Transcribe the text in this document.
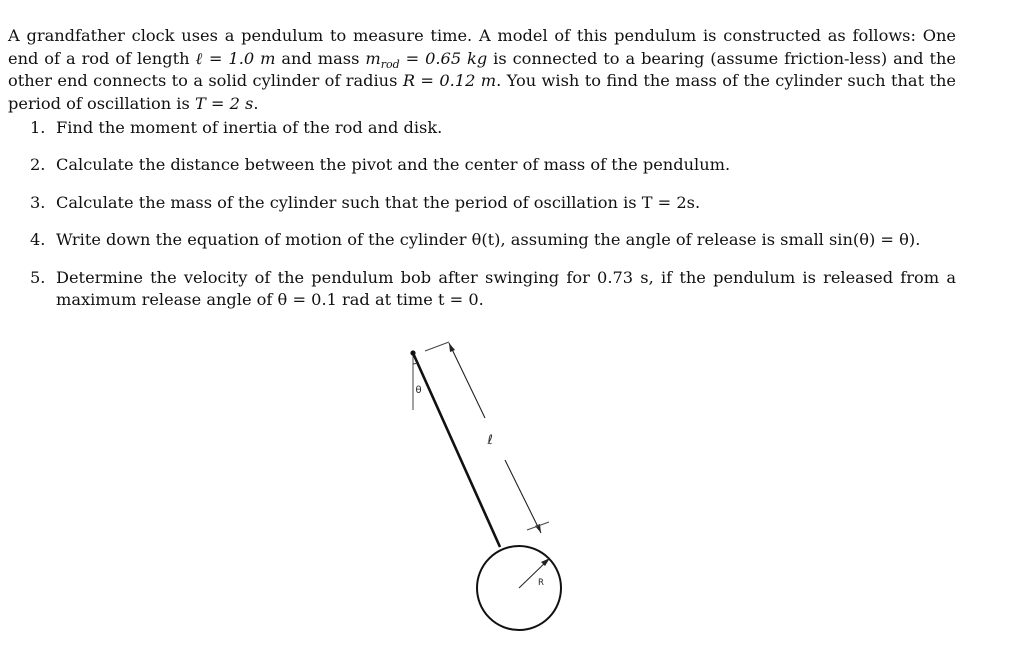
A grandfather clock uses a pendulum to measure time. A model of this pendulum is constructed as follows: One end of a rod of length ℓ = 1.0 m and mass $m_{rod} = 0.65$ kg is connected to a bearing (assume friction-less) and the other end connects to a solid cylinder of radius R = 0.12 m. You wish to find the mass of the cylinder such that the period of oscillation is T = 2 s.

1. Find the moment of inertia of the rod and disk.
2. Calculate the distance between the pivot and the center of mass of the pendulum.
3. Calculate the mass of the cylinder such that the period of oscillation is T = 2s.
4. Write down the equation of motion of the cylinder θ(t), assuming the angle of release is small sin(θ) = θ).
5. Determine the velocity of the pendulum bob after swinging for 0.73 s, if the pendulum is released from a maximum release angle of θ = 0.1 rad at time t = 0.
θ
ℓ
R
